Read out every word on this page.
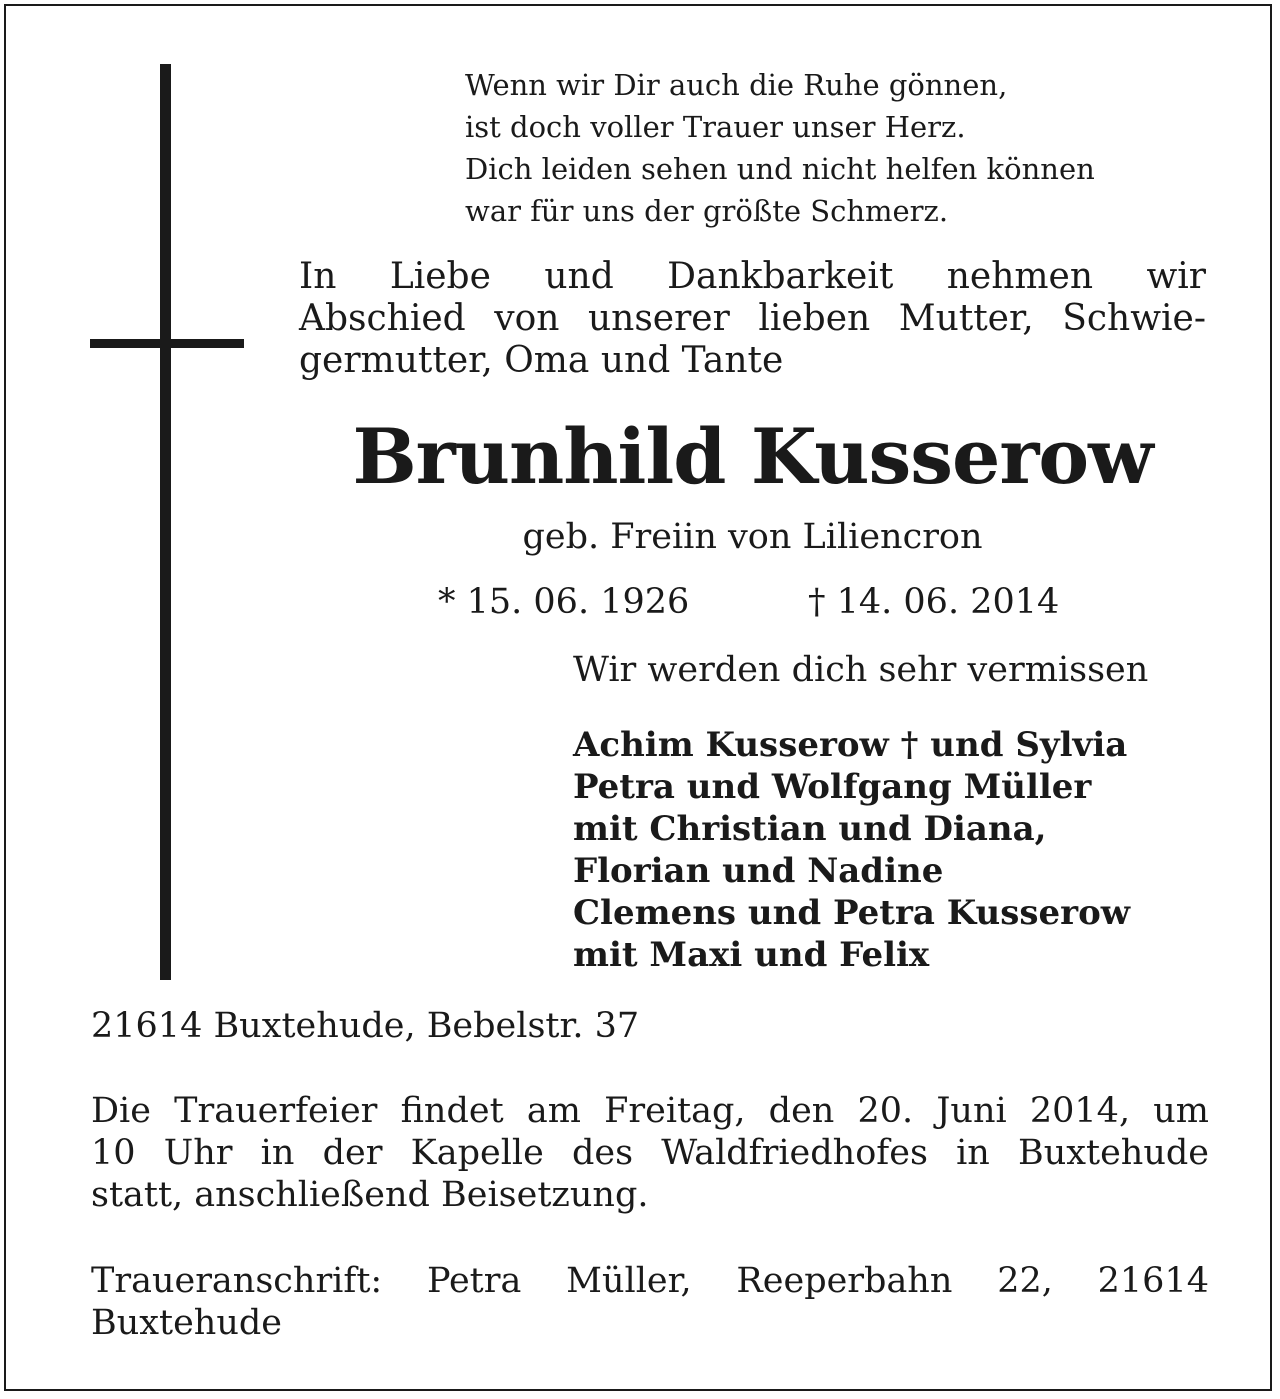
Wenn wir Dir auch die Ruhe gönnen,
ist doch voller Trauer unser Herz.
Dich leiden sehen und nicht helfen können
war für uns der größte Schmerz.
In Liebe und Dankbarkeit nehmen wir
Abschied von unserer lieben Mutter, Schwie-
germutter, Oma und Tante
Brunhild Kusserow
geb. Freiin von Liliencron
* 15. 06. 1926	† 14. 06. 2014
Wir werden dich sehr vermissen
Achim Kusserow † und Sylvia
Petra und Wolfgang Müller
mit Christian und Diana,
Florian und Nadine
Clemens und Petra Kusserow
mit Maxi und Felix
21614 Buxtehude, Bebelstr. 37
Die Trauerfeier findet am Freitag, den 20. Juni 2014, um
10 Uhr in der Kapelle des Waldfriedhofes in Buxtehude
statt, anschließend Beisetzung.
Traueranschrift: Petra Müller, Reeperbahn 22, 21614
Buxtehude
